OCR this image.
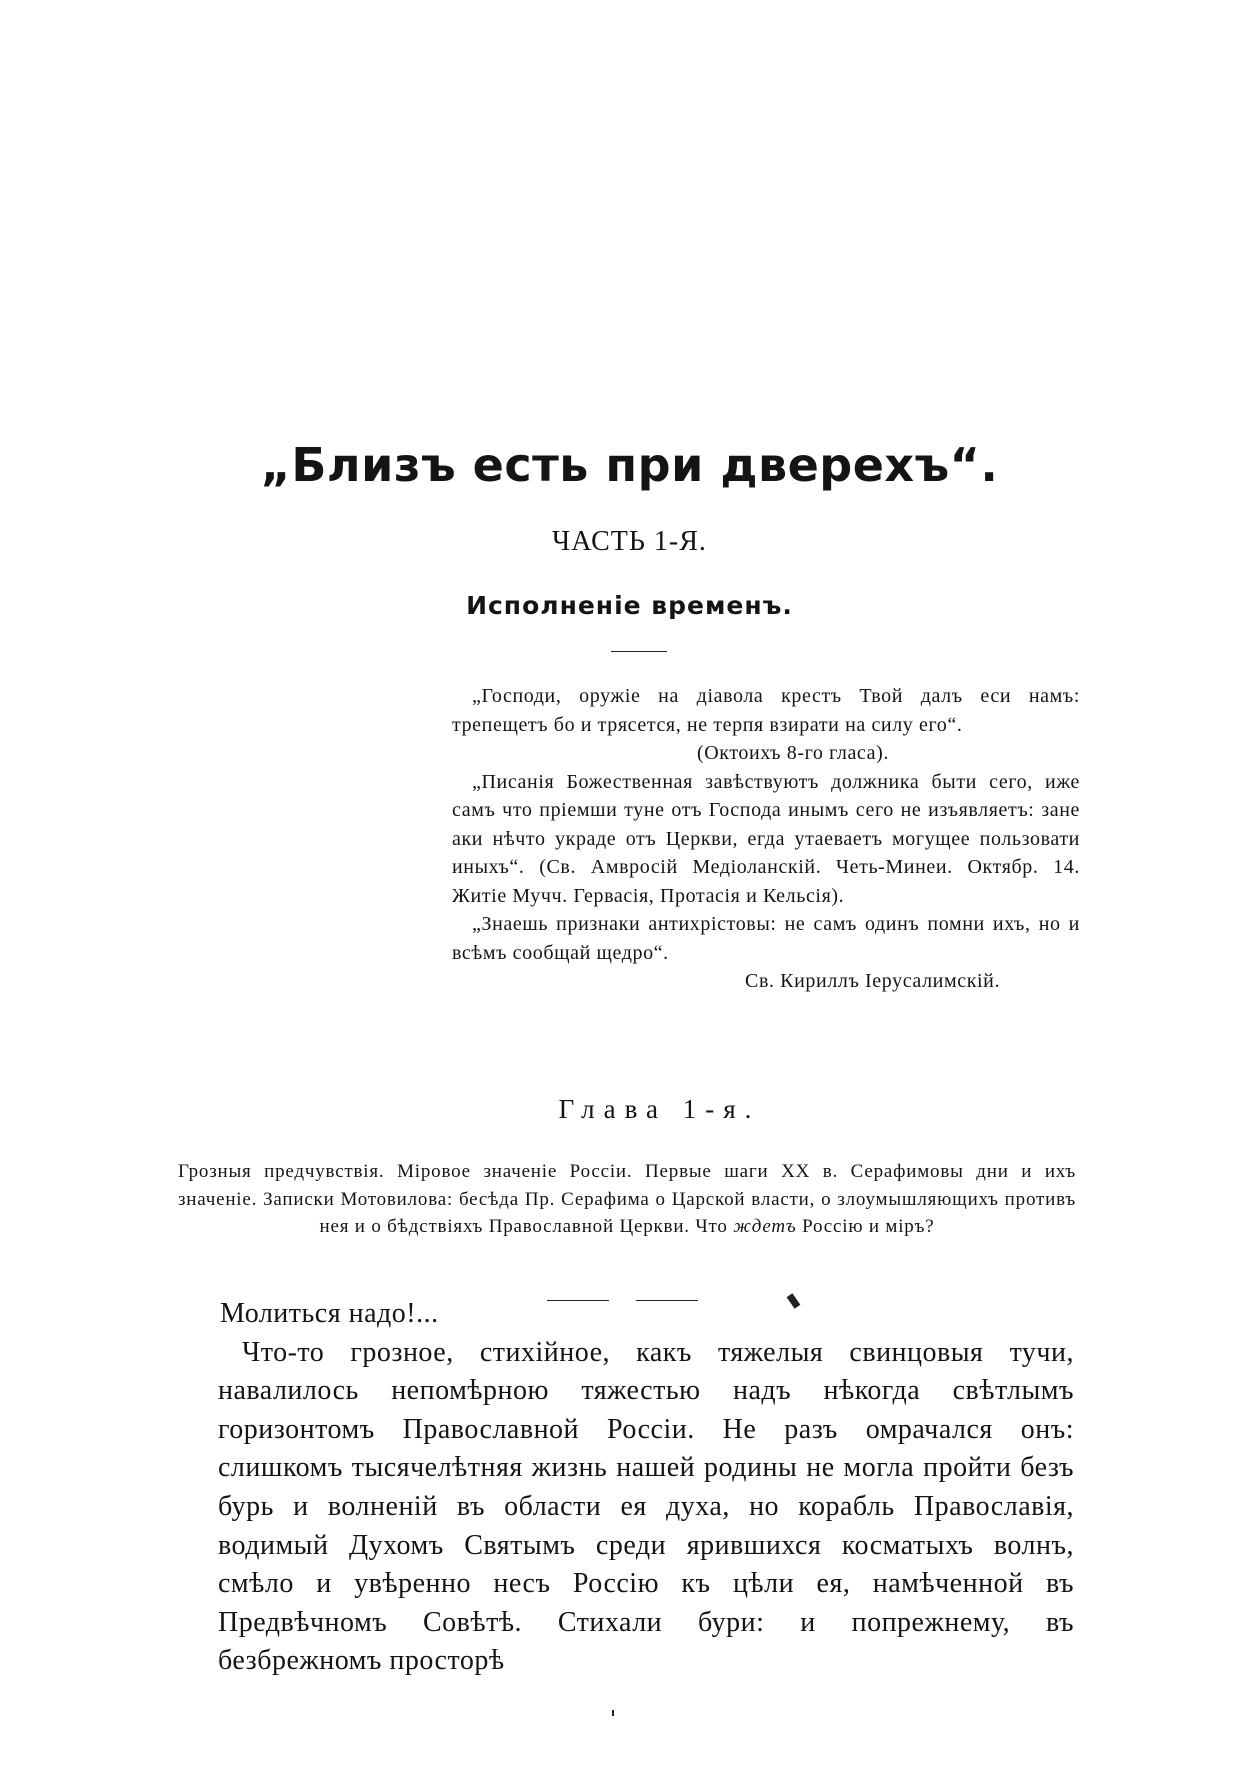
„Близъ есть при дверехъ“.
ЧАСТЬ 1-Я.
Исполненіе временъ.

„Господи, оружіе на діавола крестъ Твой далъ еси намъ: трепещетъ бо и трясется, не терпя взирати на силу его“.

(Октоихъ 8-го гласа).

„Писанія Божественная завѣствуютъ должника быти сего, иже самъ что пріемши туне отъ Господа инымъ сего не изъявляетъ: зане аки нѣчто украде отъ Церкви, егда утаеваетъ могущее пользовати иныхъ“. (Св. Амвросій Медіоланскій. Четь-Минеи. Октябр. 14. Житіе Мучч. Гервасія, Протасія и Кельсія).

„Знаешь признаки антихрістовы: не самъ одинъ помни ихъ, но и всѣмъ сообщай щедро“.

Св. Кириллъ Іерусалимскій.

Глава 1-я.

Грозныя предчувствія. Міровое значеніе Россіи. Первые шаги XX в. Серафимовы дни и ихъ значеніе. Записки Мотовилова: бесѣда Пр. Серафима о Царской власти, о злоумышляющихъ противъ нея и о бѣдствіяхъ Православной Церкви. Что ждетъ Россію и міръ?

Молиться надо!...

Что-то грозное, стихійное, какъ тяжелыя свинцовыя тучи, навалилось непомѣрною тяжестью надъ нѣкогда свѣтлымъ горизонтомъ Православной Россіи. Не разъ омрачался онъ: слишкомъ тысячелѣтняя жизнь нашей родины не могла пройти безъ бурь и волненій въ области ея духа, но корабль Православія, водимый Духомъ Святымъ среди ярившихся косматыхъ волнъ, смѣло и увѣренно несъ Россію къ цѣли ея, намѣченной въ Предвѣчномъ Совѣтѣ. Стихали бури: и попрежнему, въ безбрежномъ просторѣ
